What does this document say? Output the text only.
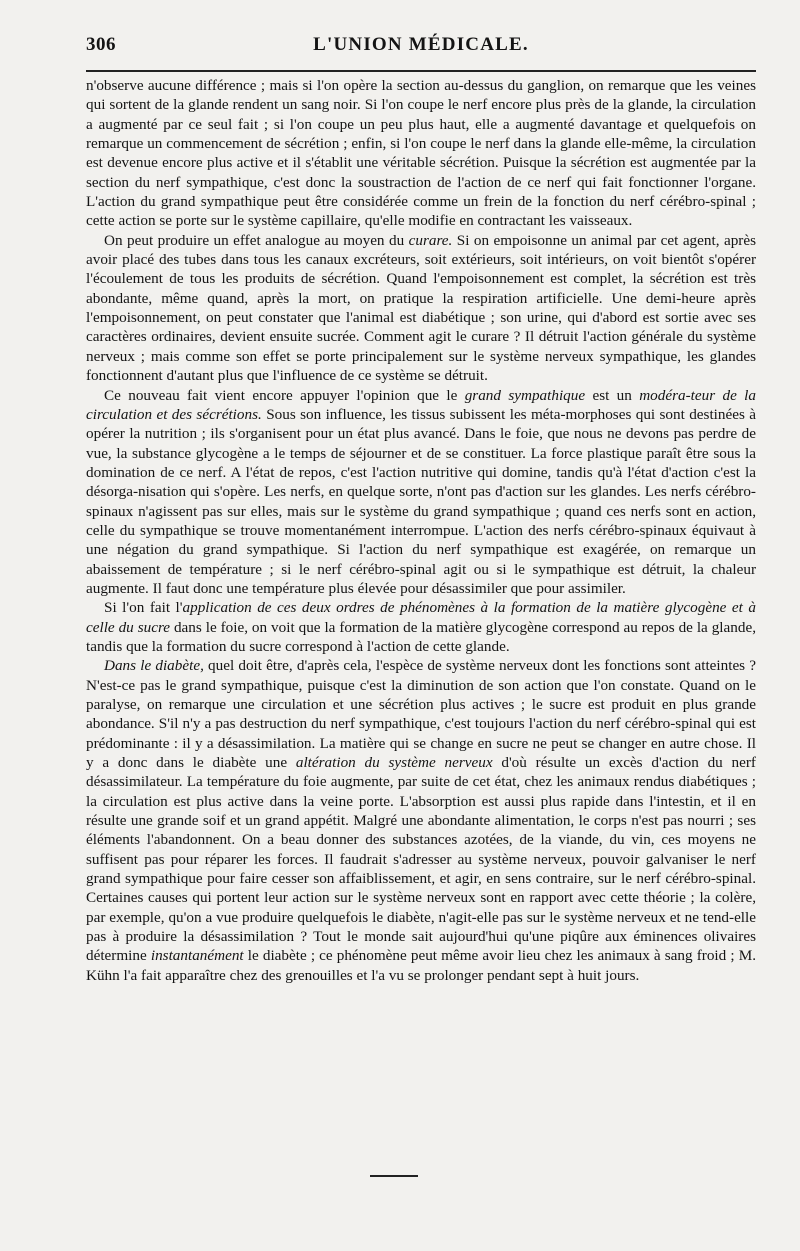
306	L'UNION MÉDICALE.

n'observe aucune différence ; mais si l'on opère la section au-dessus du ganglion, on remarque que les veines qui sortent de la glande rendent un sang noir. Si l'on coupe le nerf encore plus près de la glande, la circulation a augmenté par ce seul fait ; si l'on coupe un peu plus haut, elle a augmenté davantage et quelquefois on remarque un commencement de sécrétion ; enfin, si l'on coupe le nerf dans la glande elle-même, la circulation est devenue encore plus active et il s'établit une véritable sécrétion. Puisque la sécrétion est augmentée par la section du nerf sympathique, c'est donc la soustraction de l'action de ce nerf qui fait fonctionner l'organe. L'action du grand sympathique peut être considérée comme un frein de la fonction du nerf cérébro-spinal ; cette action se porte sur le système capillaire, qu'elle modifie en contractant les vaisseaux.

On peut produire un effet analogue au moyen du curare. Si on empoisonne un animal par cet agent, après avoir placé des tubes dans tous les canaux excréteurs, soit extérieurs, soit intérieurs, on voit bientôt s'opérer l'écoulement de tous les produits de sécrétion. Quand l'empoisonnement est complet, la sécrétion est très abondante, même quand, après la mort, on pratique la respiration artificielle. Une demi-heure après l'empoisonnement, on peut constater que l'animal est diabétique ; son urine, qui d'abord est sortie avec ses caractères ordinaires, devient ensuite sucrée. Comment agit le curare ? Il détruit l'action générale du système nerveux ; mais comme son effet se porte principalement sur le système nerveux sympathique, les glandes fonctionnent d'autant plus que l'influence de ce système se détruit.

Ce nouveau fait vient encore appuyer l'opinion que le grand sympathique est un modéra-teur de la circulation et des sécrétions. Sous son influence, les tissus subissent les méta-morphoses qui sont destinées à opérer la nutrition ; ils s'organisent pour un état plus avancé. Dans le foie, que nous ne devons pas perdre de vue, la substance glycogène a le temps de séjourner et de se constituer. La force plastique paraît être sous la domination de ce nerf. A l'état de repos, c'est l'action nutritive qui domine, tandis qu'à l'état d'action c'est la désorga-nisation qui s'opère. Les nerfs, en quelque sorte, n'ont pas d'action sur les glandes. Les nerfs cérébro-spinaux n'agissent pas sur elles, mais sur le système du grand sympathique ; quand ces nerfs sont en action, celle du sympathique se trouve momentanément interrompue. L'action des nerfs cérébro-spinaux équivaut à une négation du grand sympathique. Si l'action du nerf sympathique est exagérée, on remarque un abaissement de température ; si le nerf cérébro-spinal agit ou si le sympathique est détruit, la chaleur augmente. Il faut donc une température plus élevée pour désassimiler que pour assimiler.

Si l'on fait l'application de ces deux ordres de phénomènes à la formation de la matière glycogène et à celle du sucre dans le foie, on voit que la formation de la matière glycogène correspond au repos de la glande, tandis que la formation du sucre correspond à l'action de cette glande.

Dans le diabète, quel doit être, d'après cela, l'espèce de système nerveux dont les fonctions sont atteintes ? N'est-ce pas le grand sympathique, puisque c'est la diminution de son action que l'on constate. Quand on le paralyse, on remarque une circulation et une sécrétion plus actives ; le sucre est produit en plus grande abondance. S'il n'y a pas destruction du nerf sympathique, c'est toujours l'action du nerf cérébro-spinal qui est prédominante : il y a désassimilation. La matière qui se change en sucre ne peut se changer en autre chose. Il y a donc dans le diabète une altération du système nerveux d'où résulte un excès d'action du nerf désassimilateur. La température du foie augmente, par suite de cet état, chez les animaux rendus diabétiques ; la circulation est plus active dans la veine porte. L'absorption est aussi plus rapide dans l'intestin, et il en résulte une grande soif et un grand appétit. Malgré une abondante alimentation, le corps n'est pas nourri ; ses éléments l'abandonnent. On a beau donner des substances azotées, de la viande, du vin, ces moyens ne suffisent pas pour réparer les forces. Il faudrait s'adresser au système nerveux, pouvoir galvaniser le nerf grand sympathique pour faire cesser son affaiblissement, et agir, en sens contraire, sur le nerf cérébro-spinal. Certaines causes qui portent leur action sur le système nerveux sont en rapport avec cette théorie ; la colère, par exemple, qu'on a vue produire quelquefois le diabète, n'agit-elle pas sur le système nerveux et ne tend-elle pas à produire la désassimilation ? Tout le monde sait aujourd'hui qu'une piqûre aux éminences olivaires détermine instantanément le diabète ; ce phénomène peut même avoir lieu chez les animaux à sang froid ; M. Kühn l'a fait apparaître chez des grenouilles et l'a vu se prolonger pendant sept à huit jours.
